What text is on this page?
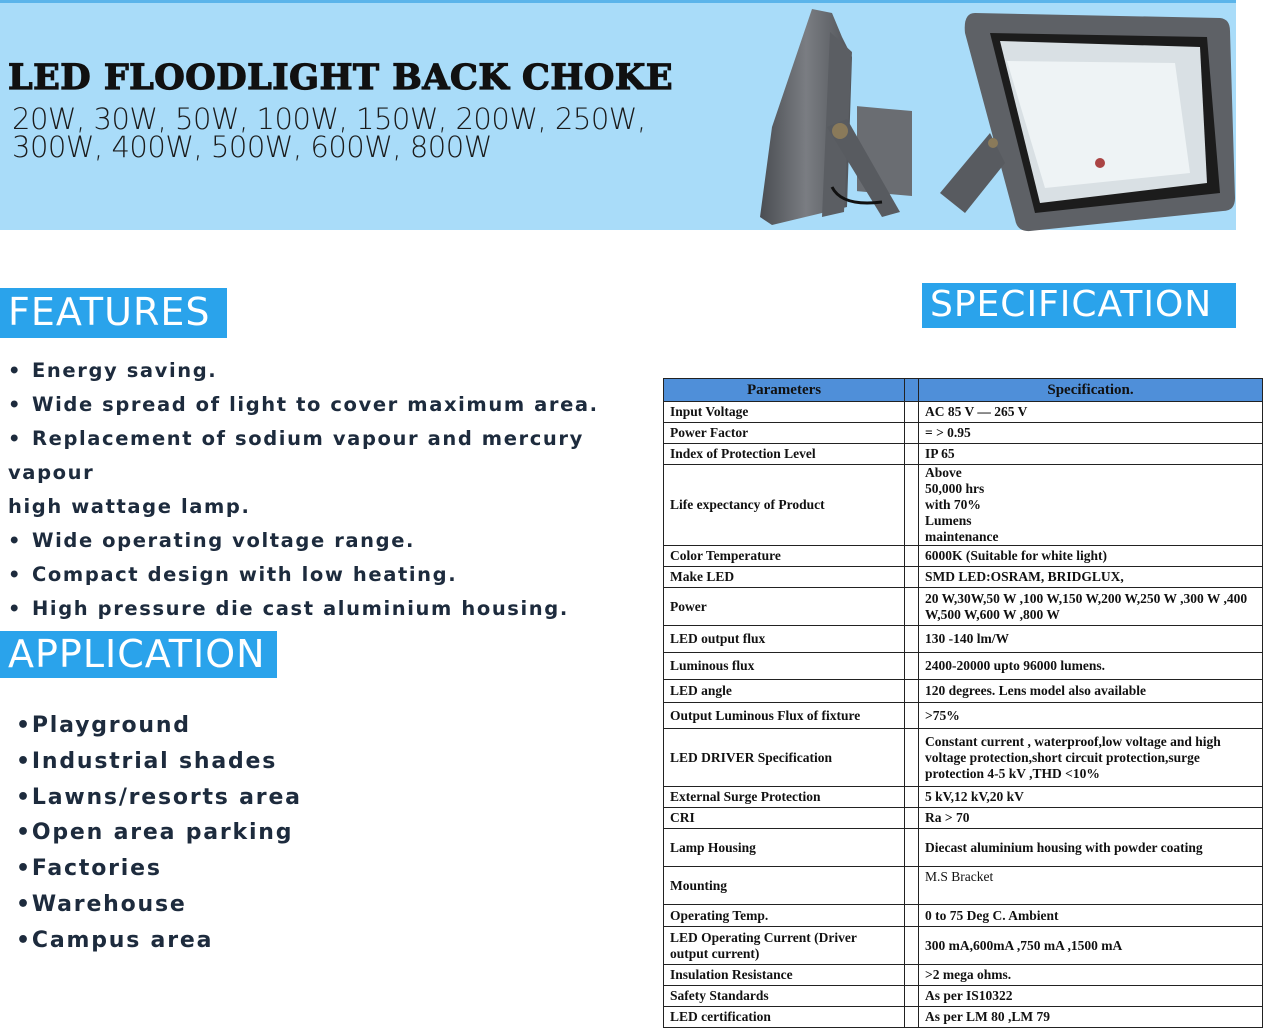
LED FLOODLIGHT BACK CHOKE
20W, 30W, 50W, 100W, 150W, 200W, 250W,
300W, 400W, 500W, 600W, 800W
FEATURES
• Energy saving.
• Wide spread of light to cover maximum area.
• Replacement of sodium vapour and mercury vapour
high wattage lamp.
• Wide operating voltage range.
• Compact design with low heating.
• High pressure die cast aluminium housing.
APPLICATION
•Playground
•Industrial shades
•Lawns/resorts area
•Open area parking
•Factories
•Warehouse
•Campus area
SPECIFICATION
Parameters		Specification.
Input Voltage		AC 85 V — 265 V
Power Factor		= > 0.95
Index of Protection Level		IP 65
Life expectancy of Product		Above 50,000 hrs with 70% Lumens maintenance
Color Temperature		6000K (Suitable for white light)
Make LED		SMD LED:OSRAM, BRIDGLUX,
Power		20 W,30W,50 W ,100 W,150 W,200 W,250 W ,300 W ,400 W,500 W,600 W ,800 W
LED output flux		130 -140 lm/W
Luminous flux		2400-20000 upto 96000 lumens.
LED angle		120 degrees. Lens model also available
Output Luminous Flux of fixture		>75%
LED DRIVER Specification		Constant current , waterproof,low voltage and high voltage protection,short circuit protection,surge protection 4-5 kV ,THD <10%
External Surge Protection		5 kV,12 kV,20 kV
CRI		Ra > 70
Lamp Housing		Diecast aluminium housing with powder coating
Mounting		M.S Bracket
Operating Temp.		0 to 75 Deg C. Ambient
LED Operating Current (Driver output current)		300 mA,600mA ,750 mA ,1500 mA
Insulation Resistance		>2 mega ohms.
Safety Standards		As per IS10322
LED certification		As per LM 80 ,LM 79
